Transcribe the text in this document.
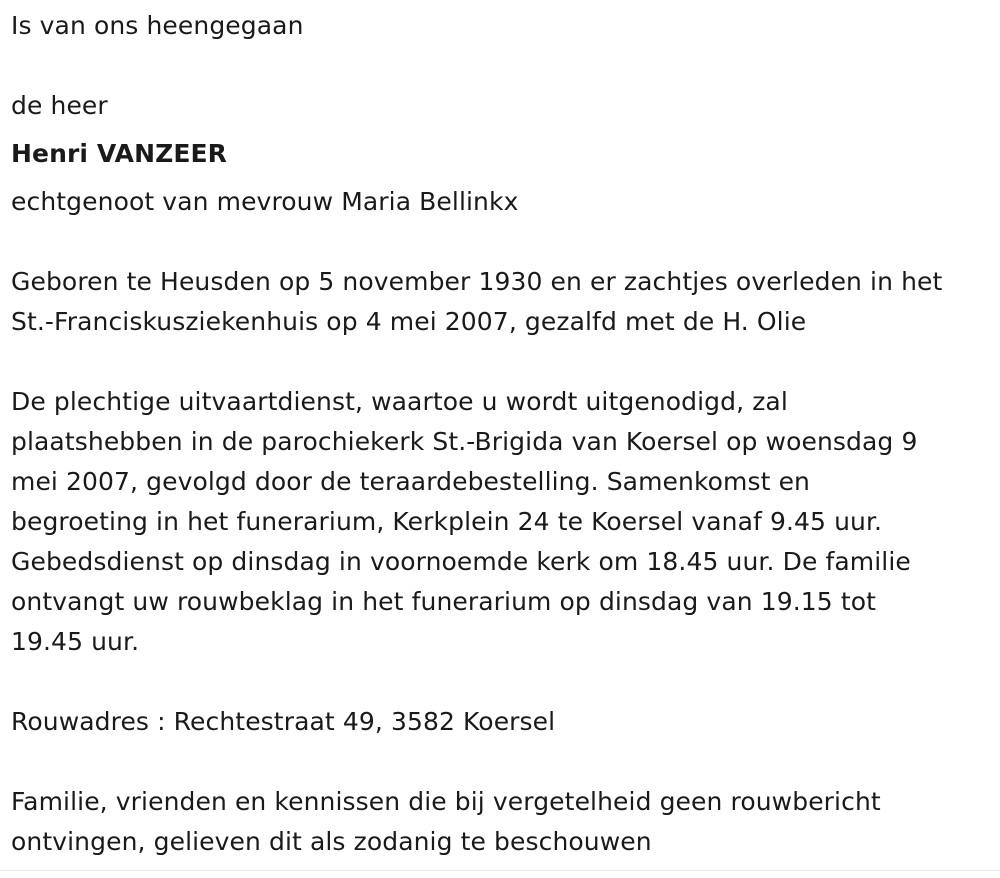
Is van ons heengegaan
de heer
Henri VANZEER
echtgenoot van mevrouw Maria Bellinkx
Geboren te Heusden op 5 november 1930 en er zachtjes overleden in het
St.-Franciskusziekenhuis op 4 mei 2007, gezalfd met de H. Olie
De plechtige uitvaartdienst, waartoe u wordt uitgenodigd, zal
plaatshebben in de parochiekerk St.-Brigida van Koersel op woensdag 9
mei 2007, gevolgd door de teraardebestelling. Samenkomst en
begroeting in het funerarium, Kerkplein 24 te Koersel vanaf 9.45 uur.
Gebedsdienst op dinsdag in voornoemde kerk om 18.45 uur. De familie
ontvangt uw rouwbeklag in het funerarium op dinsdag van 19.15 tot
19.45 uur.
Rouwadres : Rechtestraat 49, 3582 Koersel
Familie, vrienden en kennissen die bij vergetelheid geen rouwbericht
ontvingen, gelieven dit als zodanig te beschouwen
